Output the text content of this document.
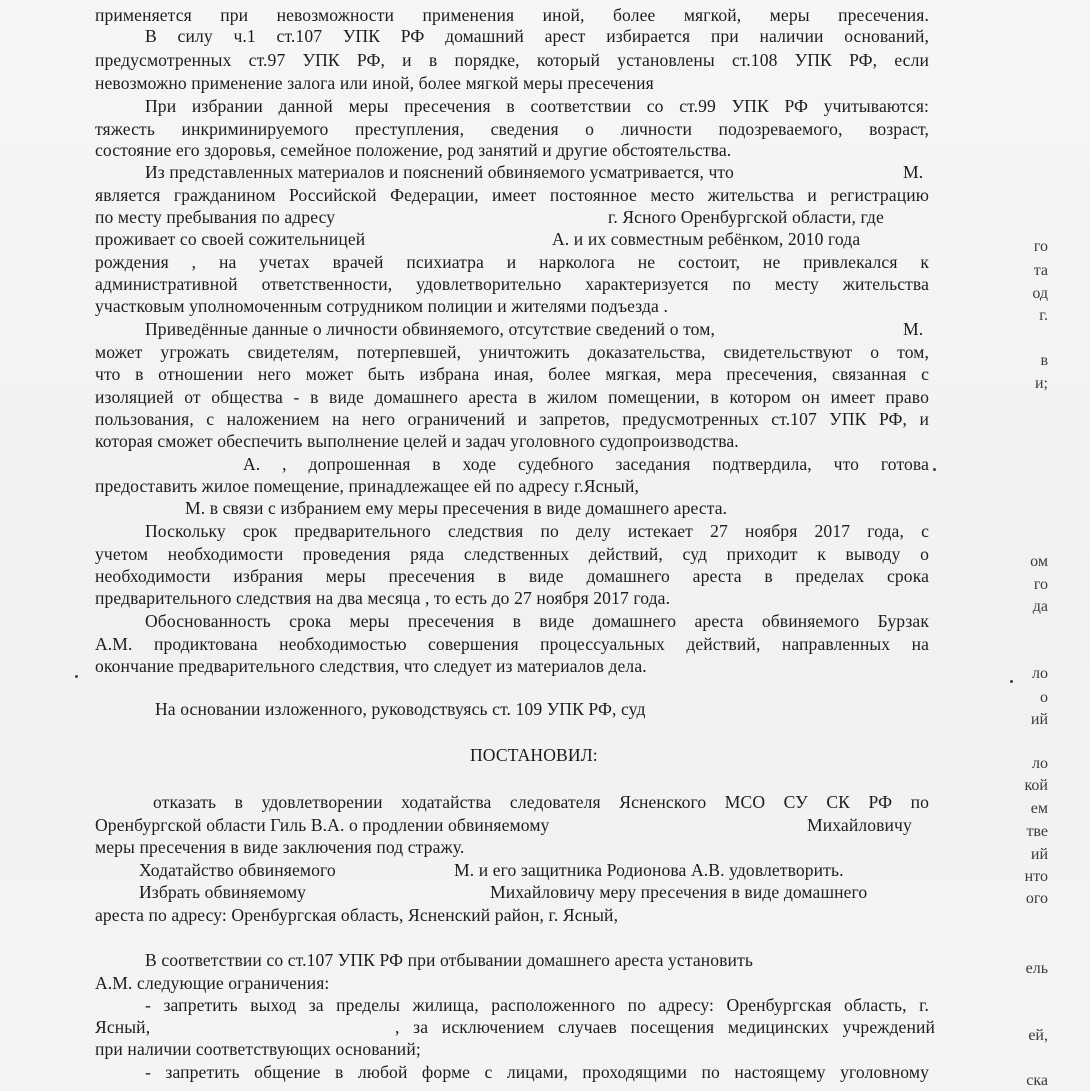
применяется при невозможности применения иной, более мягкой, меры пресечения.
В силу ч.1 ст.107 УПК РФ домашний арест избирается при наличии оснований,
предусмотренных ст.97 УПК РФ, и в порядке, который установлены ст.108 УПК РФ, если
невозможно применение залога или иной, более мягкой меры пресечения
При избрании данной меры пресечения в соответствии со ст.99 УПК РФ учитываются:
тяжесть инкриминируемого преступления, сведения о личности подозреваемого, возраст,
состояние его здоровья, семейное положение, род занятий и другие обстоятельства.
Из представленных материалов и пояснений обвиняемого усматривается, что	М.
является гражданином Российской Федерации, имеет постоянное место жительства и регистрацию
по месту пребывания по адресу	г. Ясного Оренбургской области, где
проживает со своей сожительницей	А. и их совместным ребёнком, 2010 года
рождения , на учетах врачей психиатра и нарколога не состоит, не привлекался к
административной ответственности, удовлетворительно характеризуется по месту жительства
участковым уполномоченным сотрудником полиции и жителями подъезда .
Приведённые данные о личности обвиняемого, отсутствие сведений о том,	М.
может угрожать свидетелям, потерпевшей, уничтожить доказательства, свидетельствуют о том,
что в отношении него может быть избрана иная, более мягкая, мера пресечения, связанная с
изоляцией от общества - в виде домашнего ареста в жилом помещении, в котором он имеет право
пользования, с наложением на него ограничений и запретов, предусмотренных ст.107 УПК РФ, и
которая сможет обеспечить выполнение целей и задач уголовного судопроизводства.
А. , допрошенная в ходе судебного заседания подтвердила, что готова
предоставить жилое помещение, принадлежащее ей по адресу г.Ясный,
М. в связи с избранием ему меры пресечения в виде домашнего ареста.
Поскольку срок предварительного следствия по делу истекает 27 ноября 2017 года, с
учетом необходимости проведения ряда следственных действий, суд приходит к выводу о
необходимости избрания меры пресечения в виде домашнего ареста в пределах срока
предварительного следствия на два месяца , то есть до 27 ноября 2017 года.
Обоснованность срока меры пресечения в виде домашнего ареста обвиняемого Бурзак
А.М. продиктована необходимостью совершения процессуальных действий, направленных на
окончание предварительного следствия, что следует из материалов дела.
На основании изложенного, руководствуясь ст. 109 УПК РФ, суд
ПОСТАНОВИЛ:
отказать в удовлетворении ходатайства следователя Ясненского МСО СУ СК РФ по
Оренбургской области Гиль В.А. о продлении обвиняемому	Михайловичу
меры пресечения в виде заключения под стражу.
Ходатайство обвиняемого	М. и его защитника Родионова А.В. удовлетворить.
Избрать обвиняемому	Михайловичу меру пресечения в виде домашнего
ареста по адресу: Оренбургская область, Ясненский район, г. Ясный,
В соответствии со ст.107 УПК РФ при отбывании домашнего ареста установить
А.М. следующие ограничения:
- запретить выход за пределы жилища, расположенного по адресу: Оренбургская область, г.
Ясный,	, за исключением случаев посещения медицинских учреждений
при наличии соответствующих оснований;
- запретить общение в любой форме с лицами, проходящими по настоящему уголовному
го
та
од
г.
в
и;
ом
го
да
ло
о
ий
ло
кой
ем
тве
ий
нто
ого
ель
ей,
ска
